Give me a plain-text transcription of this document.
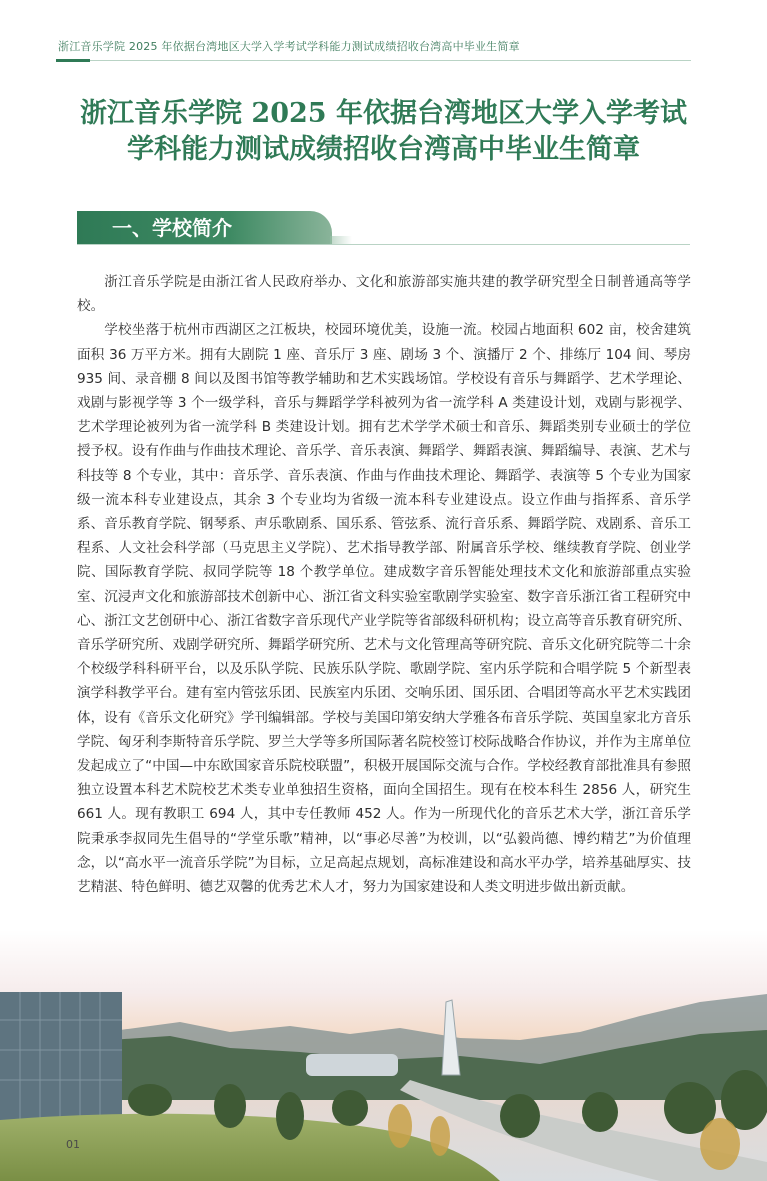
浙江音乐学院 2025 年依据台湾地区大学入学考试学科能力测试成绩招收台湾高中毕业生简章
浙江音乐学院 2025 年依据台湾地区大学入学考试
学科能力测试成绩招收台湾高中毕业生简章
一、学校简介

浙江音乐学院是由浙江省人民政府举办、文化和旅游部实施共建的教学研究型全日制普通高等学校。

学校坐落于杭州市西湖区之江板块，校园环境优美，设施一流。校园占地面积 602 亩，校舍建筑面积 36 万平方米。拥有大剧院 1 座、音乐厅 3 座、剧场 3 个、演播厅 2 个、排练厅 104 间、琴房 935 间、录音棚 8 间以及图书馆等教学辅助和艺术实践场馆。学校设有音乐与舞蹈学、艺术学理论、戏剧与影视学等 3 个一级学科，音乐与舞蹈学学科被列为省一流学科 A 类建设计划，戏剧与影视学、艺术学理论被列为省一流学科 B 类建设计划。拥有艺术学学术硕士和音乐、舞蹈类别专业硕士的学位授予权。设有作曲与作曲技术理论、音乐学、音乐表演、舞蹈学、舞蹈表演、舞蹈编导、表演、艺术与科技等 8 个专业，其中：音乐学、音乐表演、作曲与作曲技术理论、舞蹈学、表演等 5 个专业为国家级一流本科专业建设点，其余 3 个专业均为省级一流本科专业建设点。设立作曲与指挥系、音乐学系、音乐教育学院、钢琴系、声乐歌剧系、国乐系、管弦系、流行音乐系、舞蹈学院、戏剧系、音乐工程系、人文社会科学部（马克思主义学院）、艺术指导教学部、附属音乐学校、继续教育学院、创业学院、国际教育学院、叔同学院等 18 个教学单位。建成数字音乐智能处理技术文化和旅游部重点实验室、沉浸声文化和旅游部技术创新中心、浙江省文科实验室歌剧学实验室、数字音乐浙江省工程研究中心、浙江文艺创研中心、浙江省数字音乐现代产业学院等省部级科研机构；设立高等音乐教育研究所、音乐学研究所、戏剧学研究所、舞蹈学研究所、艺术与文化管理高等研究院、音乐文化研究院等二十余个校级学科科研平台，以及乐队学院、民族乐队学院、歌剧学院、室内乐学院和合唱学院 5 个新型表演学科教学平台。建有室内管弦乐团、民族室内乐团、交响乐团、国乐团、合唱团等高水平艺术实践团体，设有《音乐文化研究》学刊编辑部。学校与美国印第安纳大学雅各布音乐学院、英国皇家北方音乐学院、匈牙利李斯特音乐学院、罗兰大学等多所国际著名院校签订校际战略合作协议，并作为主席单位发起成立了“中国—中东欧国家音乐院校联盟”，积极开展国际交流与合作。学校经教育部批准具有参照独立设置本科艺术院校艺术类专业单独招生资格，面向全国招生。现有在校本科生 2856 人，研究生 661 人。现有教职工 694 人，其中专任教师 452 人。作为一所现代化的音乐艺术大学，浙江音乐学院秉承李叔同先生倡导的“学堂乐歌”精神，以“事必尽善”为校训，以“弘毅尚德、博约精艺”为价值理念，以“高水平一流音乐学院”为目标，立足高起点规划，高标准建设和高水平办学，培养基础厚实、技艺精湛、特色鲜明、德艺双馨的优秀艺术人才，努力为国家建设和人类文明进步做出新贡献。

01
